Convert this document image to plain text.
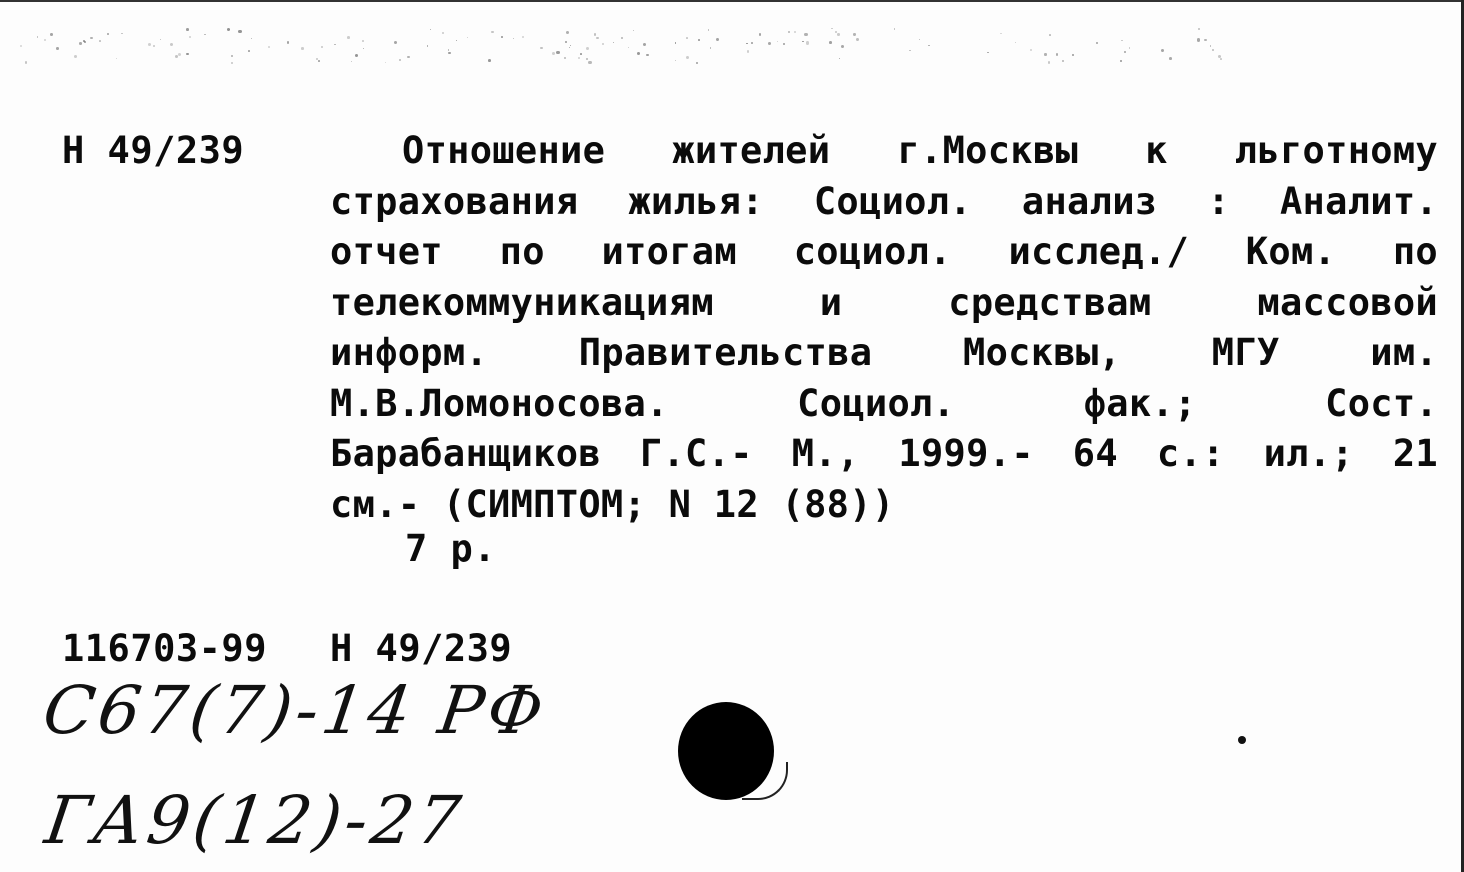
Н 49/239	Отношение жителей г.Москвы к льготному
страхования жилья: Социол. анализ : Аналит.
отчет по итогам социол. исслед./ Ком. по
телекоммуникациям и средствам массовой
информ. Правительства Москвы, МГУ им.
М.В.Ломоносова. Социол. фак.; Сост.
Барабанщиков Г.С.- М., 1999.- 64 с.: ил.; 21
см.- (СИМПТОМ; N 12 (88))
7 р.
116703-99 Н 49/239
С67(7)-14 РФ
ГА9(12)-27
